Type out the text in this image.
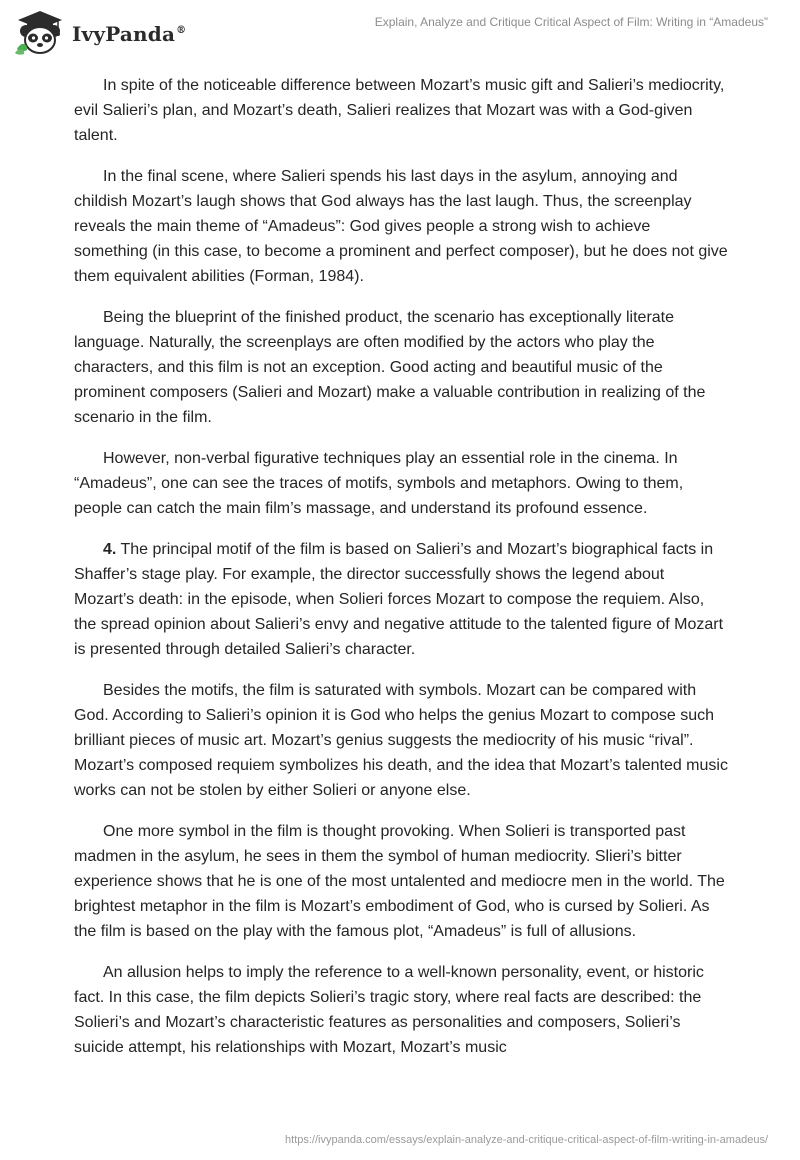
IvyPanda®
Explain, Analyze and Critique Critical Aspect of Film: Writing in “Amadeus”

In spite of the noticeable difference between Mozart’s music gift and Salieri’s mediocrity, evil Salieri’s plan, and Mozart’s death, Salieri realizes that Mozart was with a God-given talent.

In the final scene, where Salieri spends his last days in the asylum, annoying and childish Mozart’s laugh shows that God always has the last laugh. Thus, the screenplay reveals the main theme of “Amadeus”: God gives people a strong wish to achieve something (in this case, to become a prominent and perfect composer), but he does not give them equivalent abilities (Forman, 1984).

Being the blueprint of the finished product, the scenario has exceptionally literate language. Naturally, the screenplays are often modified by the actors who play the characters, and this film is not an exception. Good acting and beautiful music of the prominent composers (Salieri and Mozart) make a valuable contribution in realizing of the scenario in the film.

However, non-verbal figurative techniques play an essential role in the cinema. In “Amadeus”, one can see the traces of motifs, symbols and metaphors. Owing to them, people can catch the main film’s massage, and understand its profound essence.

4. The principal motif of the film is based on Salieri’s and Mozart’s biographical facts in Shaffer’s stage play. For example, the director successfully shows the legend about Mozart’s death: in the episode, when Solieri forces Mozart to compose the requiem. Also, the spread opinion about Salieri’s envy and negative attitude to the talented figure of Mozart is presented through detailed Salieri’s character.

Besides the motifs, the film is saturated with symbols. Mozart can be compared with God. According to Salieri’s opinion it is God who helps the genius Mozart to compose such brilliant pieces of music art. Mozart’s genius suggests the mediocrity of his music “rival”. Mozart’s composed requiem symbolizes his death, and the idea that Mozart’s talented music works can not be stolen by either Solieri or anyone else.

One more symbol in the film is thought provoking. When Solieri is transported past madmen in the asylum, he sees in them the symbol of human mediocrity. Slieri’s bitter experience shows that he is one of the most untalented and mediocre men in the world. The brightest metaphor in the film is Mozart’s embodiment of God, who is cursed by Solieri. As the film is based on the play with the famous plot, “Amadeus” is full of allusions.

An allusion helps to imply the reference to a well-known personality, event, or historic fact. In this case, the film depicts Solieri’s tragic story, where real facts are described: the Solieri’s and Mozart’s characteristic features as personalities and composers, Solieri’s suicide attempt, his relationships with Mozart, Mozart’s music

https://ivypanda.com/essays/explain-analyze-and-critique-critical-aspect-of-film-writing-in-amadeus/
